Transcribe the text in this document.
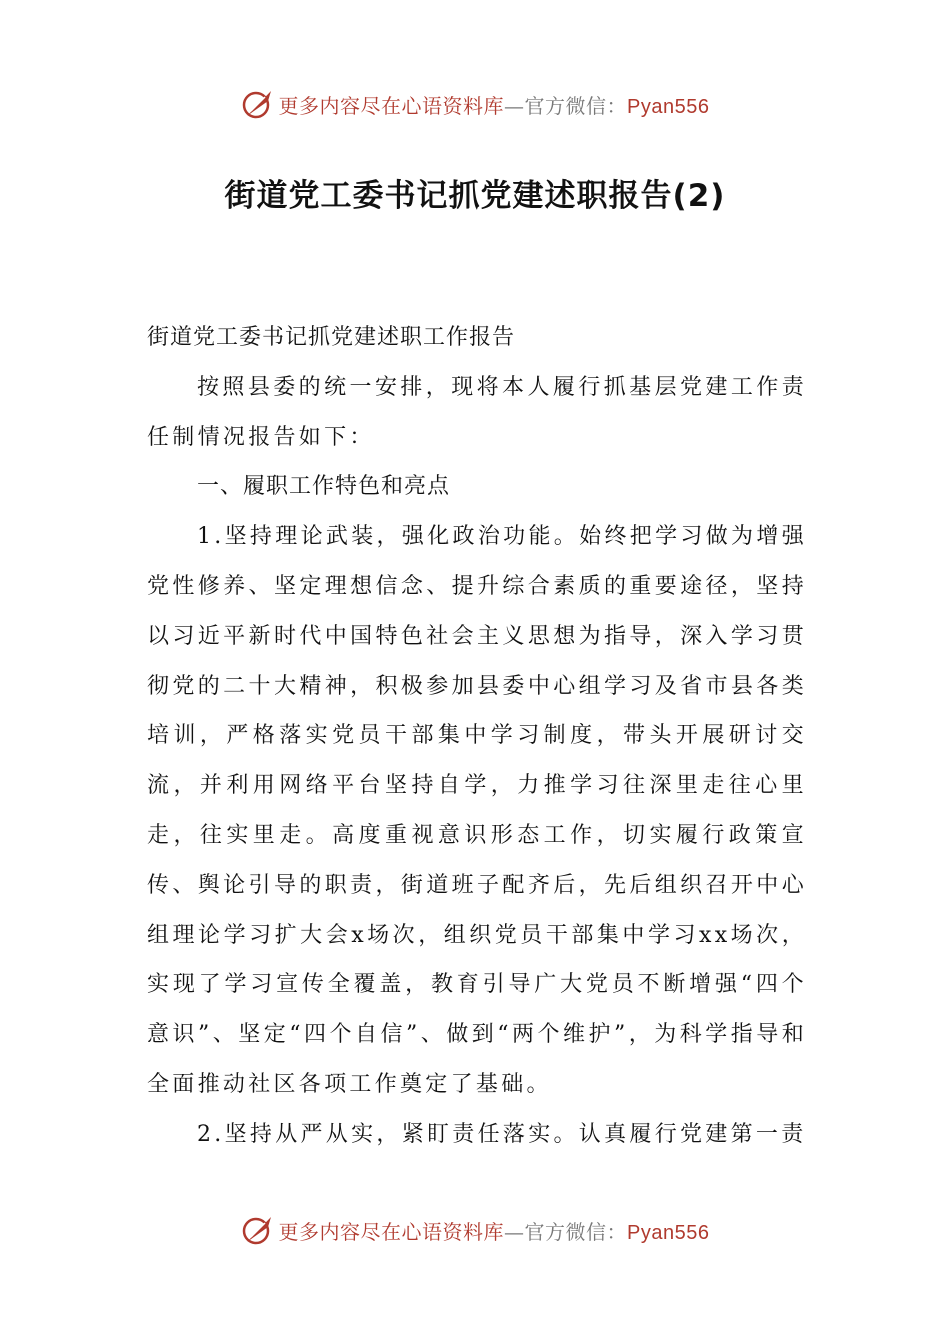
更多内容尽在心语资料库—官方微信：Pyan556
街道党工委书记抓党建述职报告(2)

街道党工委书记抓党建述职工作报告

按照县委的统一安排，现将本人履行抓基层党建工作责任制情况报告如下：

一、履职工作特色和亮点

1.坚持理论武装，强化政治功能。始终把学习做为增强党性修养、坚定理想信念、提升综合素质的重要途径，坚持以习近平新时代中国特色社会主义思想为指导，深入学习贯彻党的二十大精神，积极参加县委中心组学习及省市县各类培训，严格落实党员干部集中学习制度，带头开展研讨交流，并利用网络平台坚持自学，力推学习往深里走往心里走，往实里走。高度重视意识形态工作，切实履行政策宣传、舆论引导的职责，街道班子配齐后，先后组织召开中心组理论学习扩大会x场次，组织党员干部集中学习xx场次，实现了学习宣传全覆盖，教育引导广大党员不断增强“四个意识”、坚定“四个自信”、做到“两个维护”，为科学指导和全面推动社区各项工作奠定了基础。

2.坚持从严从实，紧盯责任落实。认真履行党建第一责

更多内容尽在心语资料库—官方微信：Pyan556
